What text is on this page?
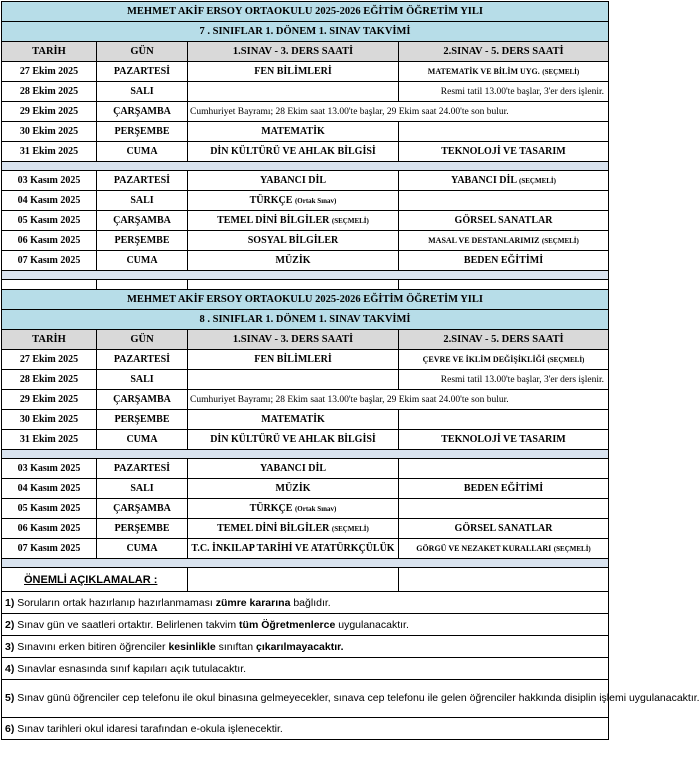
MEHMET AKİF ERSOY ORTAOKULU 2025-2026 EĞİTİM ÖĞRETİM YILI			
7 . SINIFLAR 1. DÖNEM 1. SINAV TAKVİMİ			
TARİH	GÜN	1.SINAV - 3. DERS SAATİ	2.SINAV - 5. DERS SAATİ
27 Ekim 2025	PAZARTESİ	FEN BİLİMLERİ	MATEMATİK VE BİLİM UYG. (SEÇMELİ)
28 Ekim 2025	SALI		Resmi tatil 13.00'te başlar, 3'er ders işlenir.
29 Ekim 2025	ÇARŞAMBA	Cumhuriyet Bayramı; 28 Ekim saat 13.00'te başlar, 29 Ekim saat 24.00'te son bulur.	
30 Ekim 2025	PERŞEMBE	MATEMATİK	
31 Ekim 2025	CUMA	DİN KÜLTÜRÜ VE AHLAK BİLGİSİ	TEKNOLOJİ VE TASARIM

03 Kasım 2025	PAZARTESİ	YABANCI DİL	YABANCI DİL (SEÇMELİ)
04 Kasım 2025	SALI	TÜRKÇE (Ortak Sınav)	
05 Kasım 2025	ÇARŞAMBA	TEMEL DİNİ BİLGİLER (SEÇMELİ)	GÖRSEL SANATLAR
06 Kasım 2025	PERŞEMBE	SOSYAL BİLGİLER	MASAL VE DESTANLARIMIZ (SEÇMELİ)
07 Kasım 2025	CUMA	MÜZİK	BEDEN EĞİTİMİ

MEHMET AKİF ERSOY ORTAOKULU 2025-2026 EĞİTİM ÖĞRETİM YILI			
8 . SINIFLAR 1. DÖNEM 1. SINAV TAKVİMİ			
TARİH	GÜN	1.SINAV - 3. DERS SAATİ	2.SINAV - 5. DERS SAATİ
27 Ekim 2025	PAZARTESİ	FEN BİLİMLERİ	ÇEVRE VE İKLİM DEĞİŞİKLİĞİ (SEÇMELİ)
28 Ekim 2025	SALI		Resmi tatil 13.00'te başlar, 3'er ders işlenir.
29 Ekim 2025	ÇARŞAMBA	Cumhuriyet Bayramı; 28 Ekim saat 13.00'te başlar, 29 Ekim saat 24.00'te son bulur.	
30 Ekim 2025	PERŞEMBE	MATEMATİK	
31 Ekim 2025	CUMA	DİN KÜLTÜRÜ VE AHLAK BİLGİSİ	TEKNOLOJİ VE TASARIM

03 Kasım 2025	PAZARTESİ	YABANCI DİL	
04 Kasım 2025	SALI	MÜZİK	BEDEN EĞİTİMİ
05 Kasım 2025	ÇARŞAMBA	TÜRKÇE (Ortak Sınav)	
06 Kasım 2025	PERŞEMBE	TEMEL DİNİ BİLGİLER (SEÇMELİ)	GÖRSEL SANATLAR
07 Kasım 2025	CUMA	T.C. İNKILAP TARİHİ VE ATATÜRKÇÜLÜK	GÖRGÜ VE NEZAKET KURALLARI (SEÇMELİ)

ÖNEMLİ AÇIKLAMALAR :			
1) Soruların ortak hazırlanıp hazırlanmaması zümre kararına bağlıdır.			
2) Sınav gün ve saatleri ortaktır. Belirlenen takvim tüm Öğretmenlerce uygulanacaktır.			
3) Sınavını erken bitiren öğrenciler kesinlikle sınıftan çıkarılmayacaktır.			
4) Sınavlar esnasında sınıf kapıları açık tutulacaktır.			
5) Sınav günü öğrenciler cep telefonu ile okul binasına gelmeyecekler, sınava cep telefonu ile gelen öğrenciler hakkında disiplin işlemi uygulanacaktır.			
6) Sınav tarihleri okul idaresi tarafından e-okula işlenecektir.			
